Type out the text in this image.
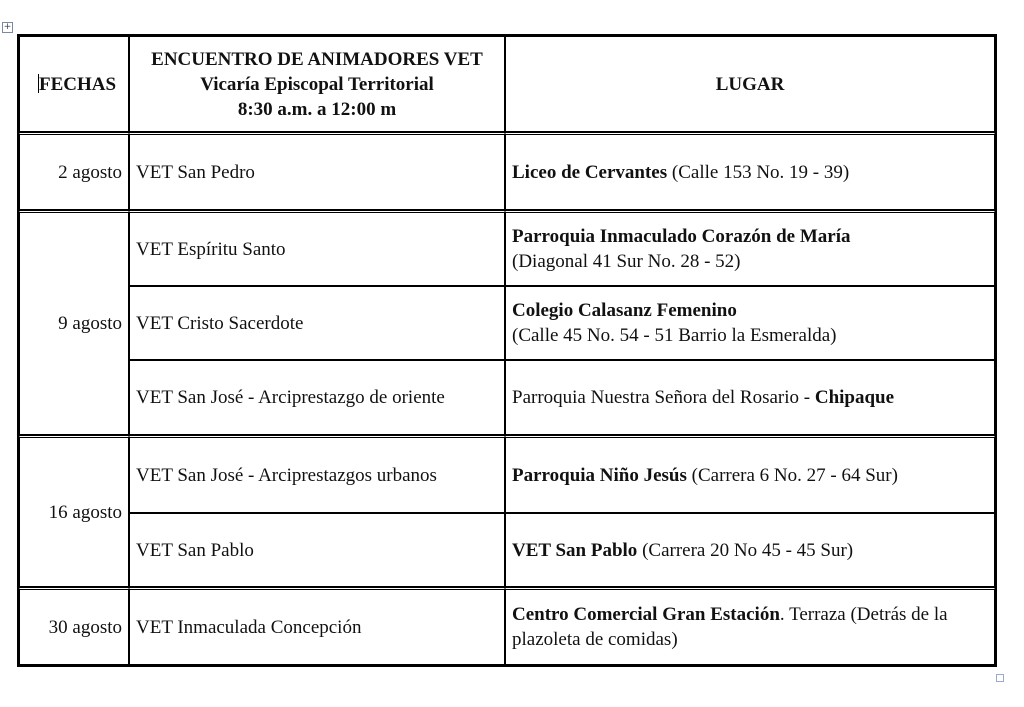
+
FECHAS	ENCUENTRO DE ANIMADORES VET
Vicaría Episcopal Territorial
8:30 a.m. a 12:00 m	LUGAR
2 agosto	VET San Pedro	Liceo de Cervantes (Calle 153 No. 19 - 39)
9 agosto	VET Espíritu Santo	Parroquia Inmaculado Corazón de María
(Diagonal 41 Sur No. 28 - 52)

	VET Cristo Sacerdote	Colegio Calasanz Femenino
(Calle 45 No. 54 - 51 Barrio la Esmeralda)

	VET San José - Arciprestazgo de oriente	Parroquia Nuestra Señora del Rosario - Chipaque
16 agosto	VET San José - Arciprestazgos urbanos	Parroquia Niño Jesús (Carrera 6 No. 27 - 64 Sur)
	VET San Pablo	VET San Pablo (Carrera 20 No 45 - 45 Sur)
30 agosto	VET Inmaculada Concepción	Centro Comercial Gran Estación. Terraza (Detrás de la plazoleta de comidas)
